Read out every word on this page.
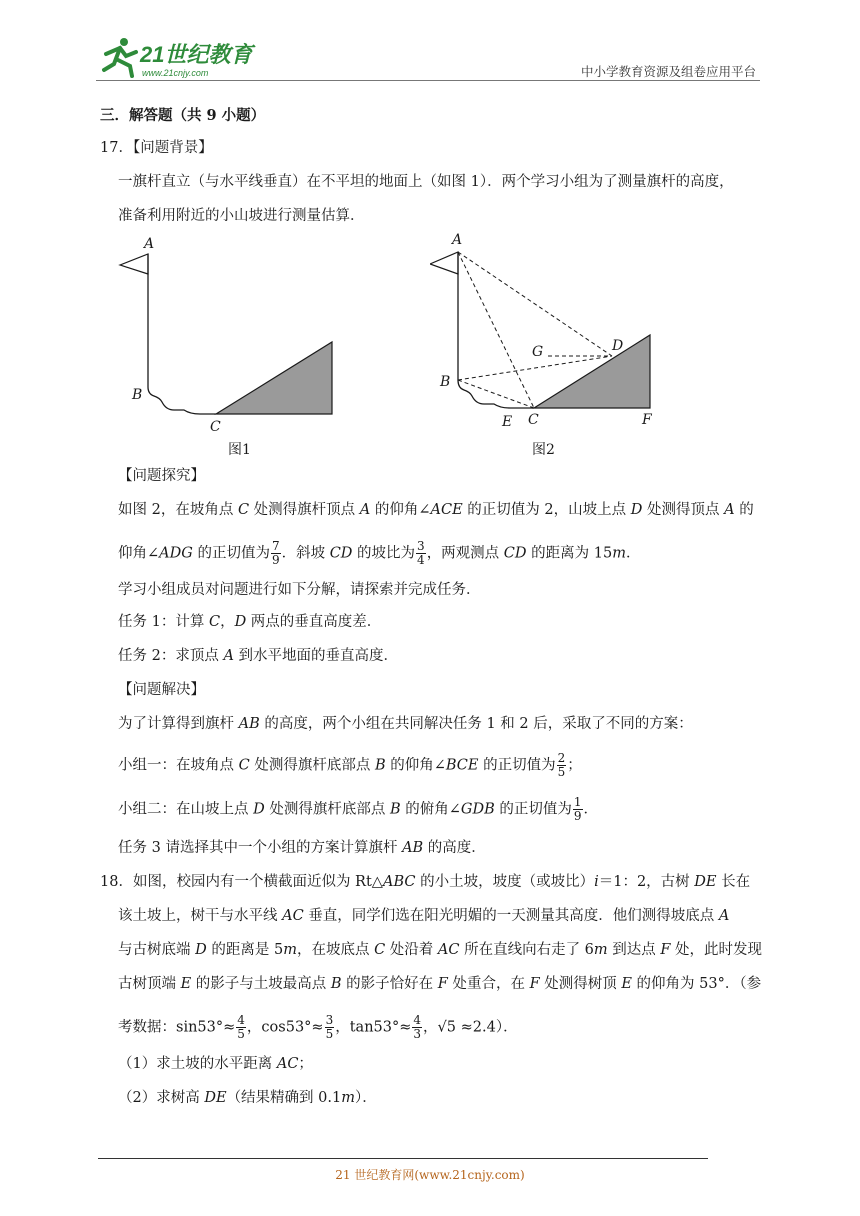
21世纪教育
www.21cnjy.com	中小学教育资源及组卷应用平台
三．解答题（共 9 小题）
17．【问题背景】
一旗杆直立（与水平线垂直）在不平坦的地面上（如图 1）．两个学习小组为了测量旗杆的高度，
准备利用附近的小山坡进行测量估算．
A
B
C
图1
A
B
C
D
E	F
G
图2
【问题探究】
如图 2，在坡角点 C 处测得旗杆顶点 A 的仰角∠ACE 的正切值为 2，山坡上点 D 处测得顶点 A 的
仰角∠ADG 的正切值为 $\frac{7}{9}$ ．斜坡 CD 的坡比为 $\frac{3}{4}$ ，两观测点 CD 的距离为 15m．
学习小组成员对问题进行如下分解，请探索并完成任务．
任务 1：计算 C，D 两点的垂直高度差．
任务 2：求顶点 A 到水平地面的垂直高度．
【问题解决】
为了计算得到旗杆 AB 的高度，两个小组在共同解决任务 1 和 2 后，采取了不同的方案：
小组一：在坡角点 C 处测得旗杆底部点 B 的仰角∠BCE 的正切值为 $\frac{2}{5}$ ；
小组二：在山坡上点 D 处测得旗杆底部点 B 的俯角∠GDB 的正切值为 $\frac{1}{9}$ ．
任务 3 请选择其中一个小组的方案计算旗杆 AB 的高度．
18．如图，校园内有一个横截面近似为 Rt△ABC 的小土坡，坡度（或坡比）i＝1：2，古树 DE 长在
该土坡上，树干与水平线 AC 垂直，同学们选在阳光明媚的一天测量其高度．他们测得坡底点 A
与古树底端 D 的距离是 5m，在坡底点 C 处沿着 AC 所在直线向右走了 6m 到达点 F 处，此时发现
古树顶端 E 的影子与土坡最高点 B 的影子恰好在 F 处重合，在 F 处测得树顶 E 的仰角为 53°．（参
考数据：$\sin 53^\circ\approx \frac{4}{5}$ ，$\cos 53^\circ\approx \frac{3}{5}$ ，$\tan 53^\circ\approx \frac{4}{3}$ ，√5 ≈2.4）．
（1）求土坡的水平距离 AC；
（2）求树高 DE（结果精确到 0.1m）．
21 世纪教育网(www.21cnjy.com)
